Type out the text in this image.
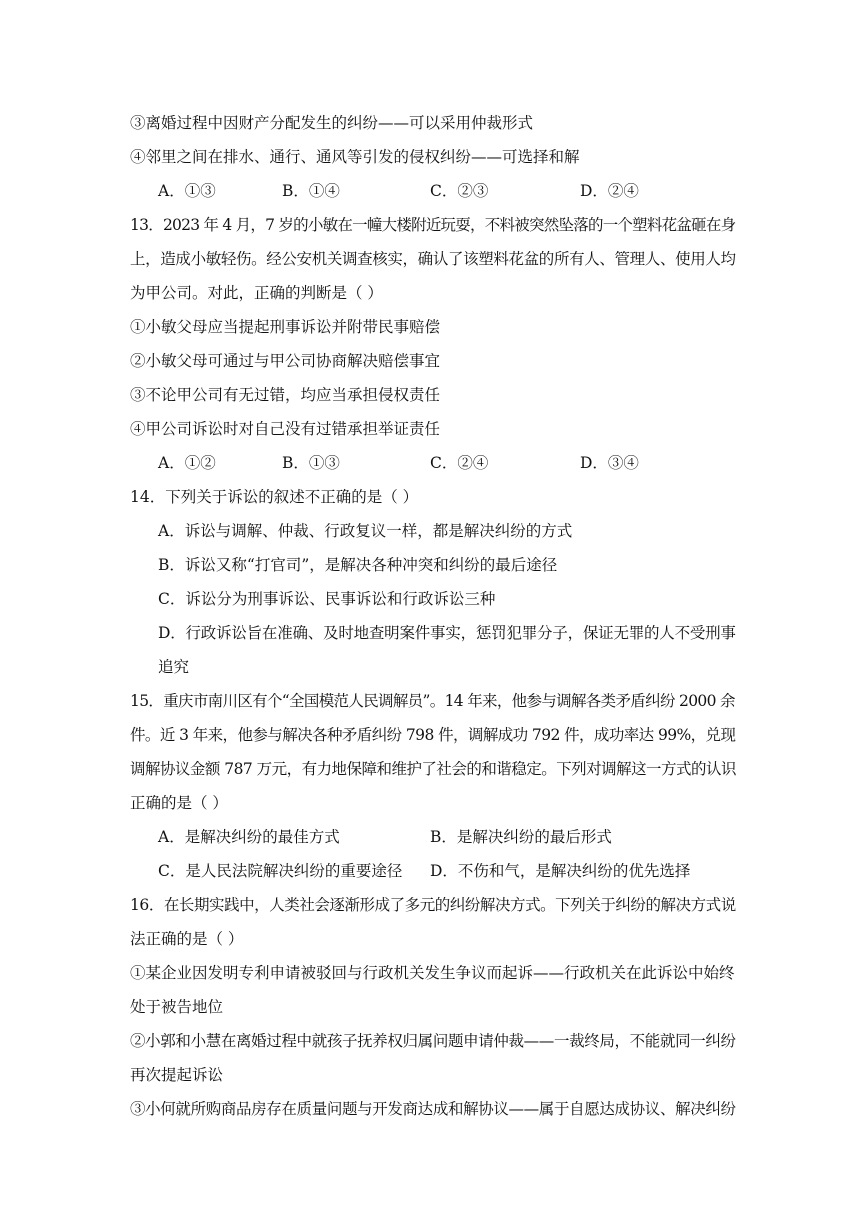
③离婚过程中因财产分配发生的纠纷——可以采用仲裁形式
④邻里之间在排水、通行、通风等引发的侵权纠纷——可选择和解
A．①③	B．①④	C．②③	D．②④
13．2023 年 4 月，7 岁的小敏在一幢大楼附近玩耍，不料被突然坠落的一个塑料花盆砸在身
上，造成小敏轻伤。经公安机关调查核实，确认了该塑料花盆的所有人、管理人、使用人均
为甲公司。对此，正确的判断是（ ）
①小敏父母应当提起刑事诉讼并附带民事赔偿
②小敏父母可通过与甲公司协商解决赔偿事宜
③不论甲公司有无过错，均应当承担侵权责任
④甲公司诉讼时对自己没有过错承担举证责任
A．①②	B．①③	C．②④	D．③④
14．下列关于诉讼的叙述不正确的是（ ）
A．诉讼与调解、仲裁、行政复议一样，都是解决纠纷的方式
B．诉讼又称“打官司”，是解决各种冲突和纠纷的最后途径
C．诉讼分为刑事诉讼、民事诉讼和行政诉讼三种
D．行政诉讼旨在准确、及时地查明案件事实，惩罚犯罪分子，保证无罪的人不受刑事
追究
15．重庆市南川区有个“全国模范人民调解员”。14 年来，他参与调解各类矛盾纠纷 2000 余
件。近 3 年来，他参与解决各种矛盾纠纷 798 件，调解成功 792 件，成功率达 99%，兑现
调解协议金额 787 万元，有力地保障和维护了社会的和谐稳定。下列对调解这一方式的认识
正确的是（ ）
A．是解决纠纷的最佳方式	B．是解决纠纷的最后形式
C．是人民法院解决纠纷的重要途径 D．不伤和气，是解决纠纷的优先选择
16．在长期实践中，人类社会逐渐形成了多元的纠纷解决方式。下列关于纠纷的解决方式说
法正确的是（ ）
①某企业因发明专利申请被驳回与行政机关发生争议而起诉——行政机关在此诉讼中始终
处于被告地位
②小郭和小慧在离婚过程中就孩子抚养权归属问题申请仲裁——一裁终局，不能就同一纠纷
再次提起诉讼
③小何就所购商品房存在质量问题与开发商达成和解协议——属于自愿达成协议、解决纠纷
